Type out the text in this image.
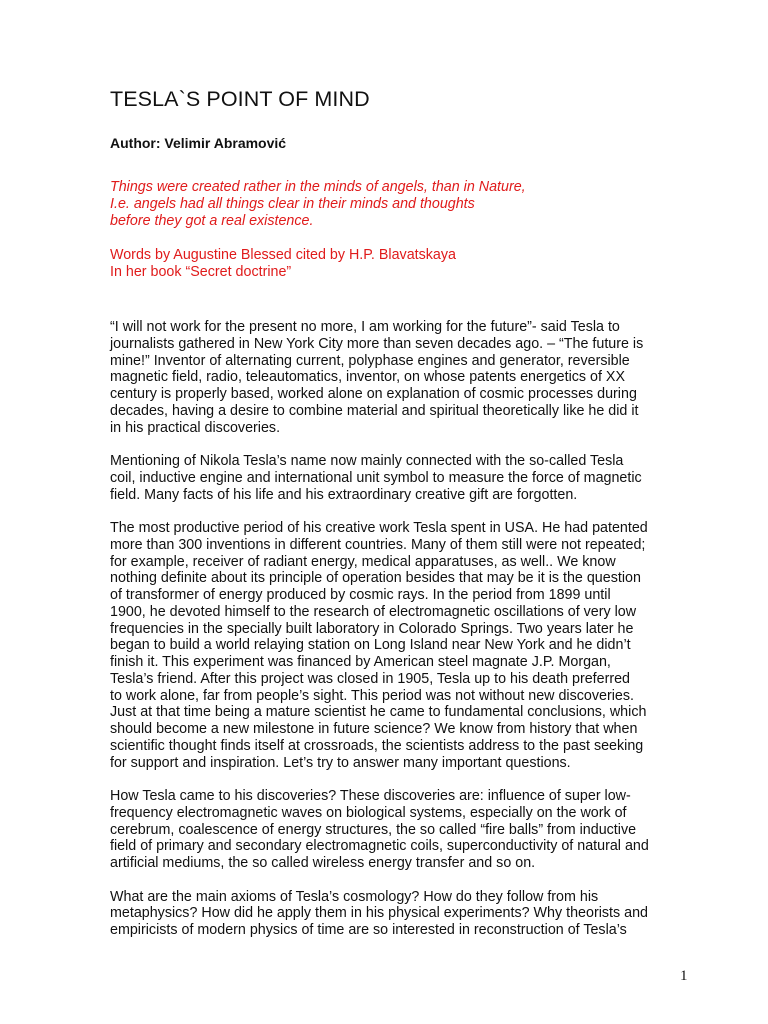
TESLA`S POINT OF MIND
Author: Velimir Abramović
Things were created rather in the minds of angels, than in Nature,
I.e. angels had all things clear in their minds and thoughts
before they got a real existence.
Words by Augustine Blessed cited by H.P. Blavatskaya
In her book “Secret doctrine”

“I will not work for the present no more, I am working for the future”- said Tesla to
journalists gathered in New York City more than seven decades ago. – “The future is
mine!” Inventor of alternating current, polyphase engines and generator, reversible
magnetic field, radio, teleautomatics, inventor, on whose patents energetics of XX
century is properly based, worked alone on explanation of cosmic processes during
decades, having a desire to combine material and spiritual theoretically like he did it
in his practical discoveries.

Mentioning of Nikola Tesla’s name now mainly connected with the so-called Tesla
coil, inductive engine and international unit symbol to measure the force of magnetic
field. Many facts of his life and his extraordinary creative gift are forgotten.

The most productive period of his creative work Tesla spent in USA. He had patented
more than 300 inventions in different countries. Many of them still were not repeated;
for example, receiver of radiant energy, medical apparatuses, as well.. We know
nothing definite about its principle of operation besides that may be it is the question
of transformer of energy produced by cosmic rays. In the period from 1899 until
1900, he devoted himself to the research of electromagnetic oscillations of very low
frequencies in the specially built laboratory in Colorado Springs. Two years later he
began to build a world relaying station on Long Island near New York and he didn’t
finish it. This experiment was financed by American steel magnate J.P. Morgan,
Tesla’s friend. After this project was closed in 1905, Tesla up to his death preferred
to work alone, far from people’s sight. This period was not without new discoveries.
Just at that time being a mature scientist he came to fundamental conclusions, which
should become a new milestone in future science? We know from history that when
scientific thought finds itself at crossroads, the scientists address to the past seeking
for support and inspiration. Let’s try to answer many important questions.

How Tesla came to his discoveries? These discoveries are: influence of super low-
frequency electromagnetic waves on biological systems, especially on the work of
cerebrum, coalescence of energy structures, the so called “fire balls” from inductive
field of primary and secondary electromagnetic coils, superconductivity of natural and
artificial mediums, the so called wireless energy transfer and so on.

What are the main axioms of Tesla’s cosmology? How do they follow from his
metaphysics? How did he apply them in his physical experiments? Why theorists and
empiricists of modern physics of time are so interested in reconstruction of Tesla’s

1
